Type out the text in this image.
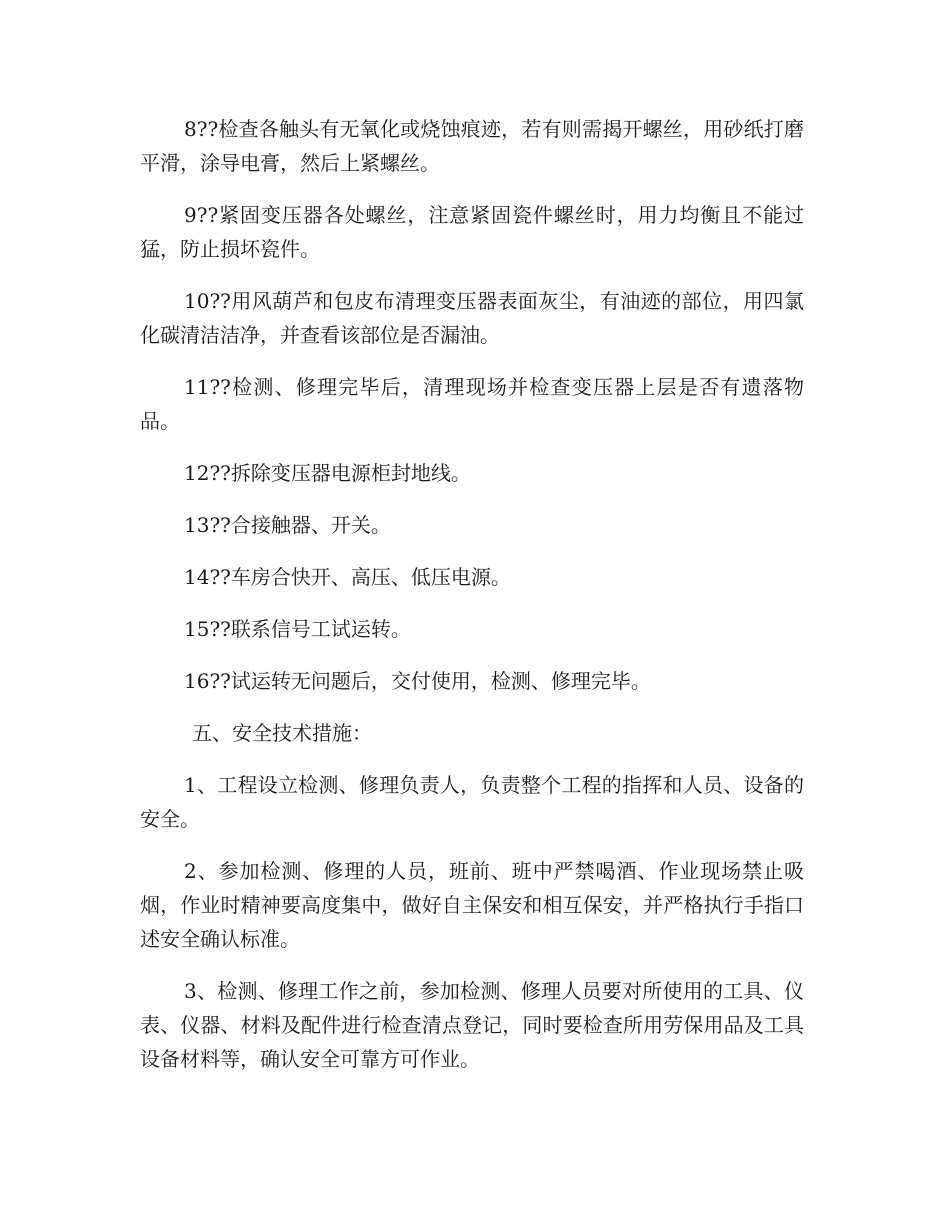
8??检查各触头有无氧化或烧蚀痕迹，若有则需揭开螺丝，用砂纸打磨平滑，涂导电膏，然后上紧螺丝。

9??紧固变压器各处螺丝，注意紧固瓷件螺丝时，用力均衡且不能过猛，防止损坏瓷件。

10??用风葫芦和包皮布清理变压器表面灰尘，有油迹的部位，用四氯化碳清洁洁净，并查看该部位是否漏油。

11??检测、修理完毕后，清理现场并检查变压器上层是否有遗落物品。

12??拆除变压器电源柜封地线。

13??合接触器、开关。

14??车房合快开、高压、低压电源。

15??联系信号工试运转。

16??试运转无问题后，交付使用，检测、修理完毕。

五、安全技术措施：

1、工程设立检测、修理负责人，负责整个工程的指挥和人员、设备的安全。

2、参加检测、修理的人员，班前、班中严禁喝酒、作业现场禁止吸烟，作业时精神要高度集中，做好自主保安和相互保安，并严格执行手指口述安全确认标准。

3、检测、修理工作之前，参加检测、修理人员要对所使用的工具、仪表、仪器、材料及配件进行检查清点登记，同时要检查所用劳保用品及工具设备材料等，确认安全可靠方可作业。
